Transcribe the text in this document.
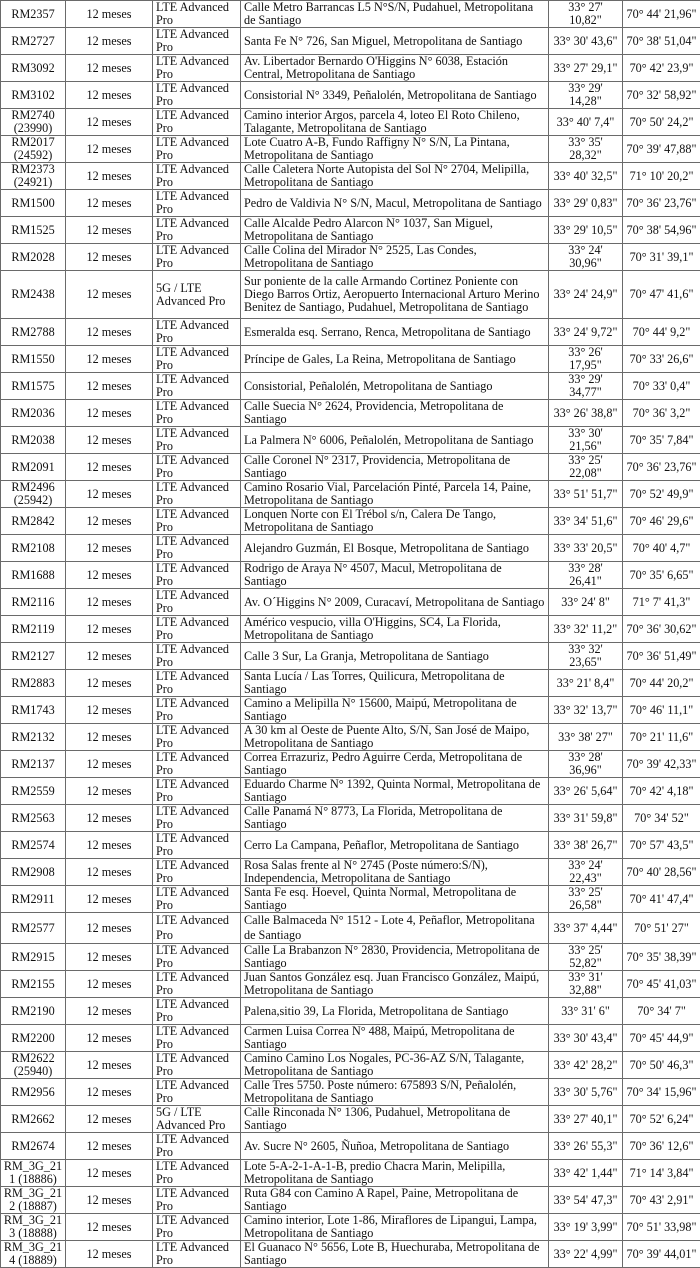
RM2357	12 meses	LTE Advanced Pro	Calle Metro Barrancas L5 N°S/N, Pudahuel, Metropolitana de Santiago	33° 27' 10,82"	70° 44' 21,96"
RM2727	12 meses	LTE Advanced Pro	Santa Fe N° 726, San Miguel, Metropolitana de Santiago	33° 30' 43,6"	70° 38' 51,04"
RM3092	12 meses	LTE Advanced Pro	Av. Libertador Bernardo O'Higgins N° 6038, Estación Central, Metropolitana de Santiago	33° 27' 29,1"	70° 42' 23,9"
RM3102	12 meses	LTE Advanced Pro	Consistorial N° 3349, Peñalolén, Metropolitana de Santiago	33° 29' 14,28"	70° 32' 58,92"
RM2740 (23990)	12 meses	LTE Advanced Pro	Camino interior Argos, parcela 4, loteo El Roto Chileno, Talagante, Metropolitana de Santiago	33° 40' 7,4"	70° 50' 24,2"
RM2017 (24592)	12 meses	LTE Advanced Pro	Lote Cuatro A-B, Fundo Raffigny N° S/N, La Pintana, Metropolitana de Santiago	33° 35' 28,32"	70° 39' 47,88"
RM2373 (24921)	12 meses	LTE Advanced Pro	Calle Caletera Norte Autopista del Sol N° 2704, Melipilla, Metropolitana de Santiago	33° 40' 32,5"	71° 10' 20,2"
RM1500	12 meses	LTE Advanced Pro	Pedro de Valdivia N° S/N, Macul, Metropolitana de Santiago	33° 29' 0,83"	70° 36' 23,76"
RM1525	12 meses	LTE Advanced Pro	Calle Alcalde Pedro Alarcon N° 1037, San Miguel, Metropolitana de Santiago	33° 29' 10,5"	70° 38' 54,96"
RM2028	12 meses	LTE Advanced Pro	Calle Colina del Mirador N° 2525, Las Condes, Metropolitana de Santiago	33° 24' 30,96"	70° 31' 39,1"
RM2438	12 meses	5G / LTE Advanced Pro	Sur poniente de la calle Armando Cortinez Poniente con Diego Barros Ortiz, Aeropuerto Internacional Arturo Merino Benitez de Santiago, Pudahuel, Metropolitana de Santiago	33° 24' 24,9"	70° 47' 41,6"
RM2788	12 meses	LTE Advanced Pro	Esmeralda esq. Serrano, Renca, Metropolitana de Santiago	33° 24' 9,72"	70° 44' 9,2"
RM1550	12 meses	LTE Advanced Pro	Príncipe de Gales, La Reina, Metropolitana de Santiago	33° 26' 17,95"	70° 33' 26,6"
RM1575	12 meses	LTE Advanced Pro	Consistorial, Peñalolén, Metropolitana de Santiago	33° 29' 34,77"	70° 33' 0,4"
RM2036	12 meses	LTE Advanced Pro	Calle Suecia N° 2624, Providencia, Metropolitana de Santiago	33° 26' 38,8"	70° 36' 3,2"
RM2038	12 meses	LTE Advanced Pro	La Palmera N° 6006, Peñalolén, Metropolitana de Santiago	33° 30' 21,56"	70° 35' 7,84"
RM2091	12 meses	LTE Advanced Pro	Calle Coronel N° 2317, Providencia, Metropolitana de Santiago	33° 25' 22,08"	70° 36' 23,76"
RM2496 (25942)	12 meses	LTE Advanced Pro	Camino Rosario Vial, Parcelación Pinté, Parcela 14, Paine, Metropolitana de Santiago	33° 51' 51,7"	70° 52' 49,9"
RM2842	12 meses	LTE Advanced Pro	Lonquen Norte con El Trébol s/n, Calera De Tango, Metropolitana de Santiago	33° 34' 51,6"	70° 46' 29,6"
RM2108	12 meses	LTE Advanced Pro	Alejandro Guzmán, El Bosque, Metropolitana de Santiago	33° 33' 20,5"	70° 40' 4,7"
RM1688	12 meses	LTE Advanced Pro	Rodrigo de Araya N° 4507, Macul, Metropolitana de Santiago	33° 28' 26,41"	70° 35' 6,65"
RM2116	12 meses	LTE Advanced Pro	Av. O´Higgins N° 2009, Curacaví, Metropolitana de Santiago	33° 24' 8"	71° 7' 41,3"
RM2119	12 meses	LTE Advanced Pro	Américo vespucio, villa O'Higgins, SC4, La Florida, Metropolitana de Santiago	33° 32' 11,2"	70° 36' 30,62"
RM2127	12 meses	LTE Advanced Pro	Calle 3 Sur, La Granja, Metropolitana de Santiago	33° 32' 23,65"	70° 36' 51,49"
RM2883	12 meses	LTE Advanced Pro	Santa Lucía / Las Torres, Quilicura, Metropolitana de Santiago	33° 21' 8,4"	70° 44' 20,2"
RM1743	12 meses	LTE Advanced Pro	Camino a Melipilla N° 15600, Maipú, Metropolitana de Santiago	33° 32' 13,7"	70° 46' 11,1"
RM2132	12 meses	LTE Advanced Pro	A 30 km al Oeste de Puente Alto, S/N, San José de Maipo, Metropolitana de Santiago	33° 38' 27"	70° 21' 11,6"
RM2137	12 meses	LTE Advanced Pro	Correa Errazuriz, Pedro Aguirre Cerda, Metropolitana de Santiago	33° 28' 36,96"	70° 39' 42,33"
RM2559	12 meses	LTE Advanced Pro	Eduardo Charme N° 1392, Quinta Normal, Metropolitana de Santiago	33° 26' 5,64"	70° 42' 4,18"
RM2563	12 meses	LTE Advanced Pro	Calle Panamá N° 8773, La Florida, Metropolitana de Santiago	33° 31' 59,8"	70° 34' 52"
RM2574	12 meses	LTE Advanced Pro	Cerro La Campana, Peñaflor, Metropolitana de Santiago	33° 38' 26,7"	70° 57' 43,5"
RM2908	12 meses	LTE Advanced Pro	Rosa Salas frente al N° 2745 (Poste número:S/N), Independencia, Metropolitana de Santiago	33° 24' 22,43"	70° 40' 28,56"
RM2911	12 meses	LTE Advanced Pro	Santa Fe esq. Hoevel, Quinta Normal, Metropolitana de Santiago	33° 25' 26,58"	70° 41' 47,4"
RM2577	12 meses	LTE Advanced Pro	Calle Balmaceda N° 1512 - Lote 4, Peñaflor, Metropolitana de Santiago	33° 37' 4,44"	70° 51' 27"
RM2915	12 meses	LTE Advanced Pro	Calle La Brabanzon N° 2830, Providencia, Metropolitana de Santiago	33° 25' 52,82"	70° 35' 38,39"
RM2155	12 meses	LTE Advanced Pro	Juan Santos González esq. Juan Francisco González, Maipú, Metropolitana de Santiago	33° 31' 32,88"	70° 45' 41,03"
RM2190	12 meses	LTE Advanced Pro	Palena,sitio 39, La Florida, Metropolitana de Santiago	33° 31' 6"	70° 34' 7"
RM2200	12 meses	LTE Advanced Pro	Carmen Luisa Correa N° 488, Maipú, Metropolitana de Santiago	33° 30' 43,4"	70° 45' 44,9"
RM2622 (25940)	12 meses	LTE Advanced Pro	Camino Camino Los Nogales, PC-36-AZ S/N, Talagante, Metropolitana de Santiago	33° 42' 28,2"	70° 50' 46,3"
RM2956	12 meses	LTE Advanced Pro	Calle Tres 5750. Poste número: 675893 S/N, Peñalolén, Metropolitana de Santiago	33° 30' 5,76"	70° 34' 15,96"
RM2662	12 meses	5G / LTE Advanced Pro	Calle Rinconada N° 1306, Pudahuel, Metropolitana de Santiago	33° 27' 40,1"	70° 52' 6,24"
RM2674	12 meses	LTE Advanced Pro	Av. Sucre N° 2605, Ñuñoa, Metropolitana de Santiago	33° 26' 55,3"	70° 36' 12,6"
RM_3G_211 (18886)	12 meses	LTE Advanced Pro	Lote 5-A-2-1-A-1-B, predio Chacra Marin, Melipilla, Metropolitana de Santiago	33° 42' 1,44"	71° 14' 3,84"
RM_3G_212 (18887)	12 meses	LTE Advanced Pro	Ruta G84 con Camino A Rapel, Paine, Metropolitana de Santiago	33° 54' 47,3"	70° 43' 2,91"
RM_3G_213 (18888)	12 meses	LTE Advanced Pro	Camino interior, Lote 1-86, Miraflores de Lipangui, Lampa, Metropolitana de Santiago	33° 19' 3,99"	70° 51' 33,98"
RM_3G_214 (18889)	12 meses	LTE Advanced Pro	El Guanaco N° 5656, Lote B, Huechuraba, Metropolitana de Santiago	33° 22' 4,99"	70° 39' 44,01"
